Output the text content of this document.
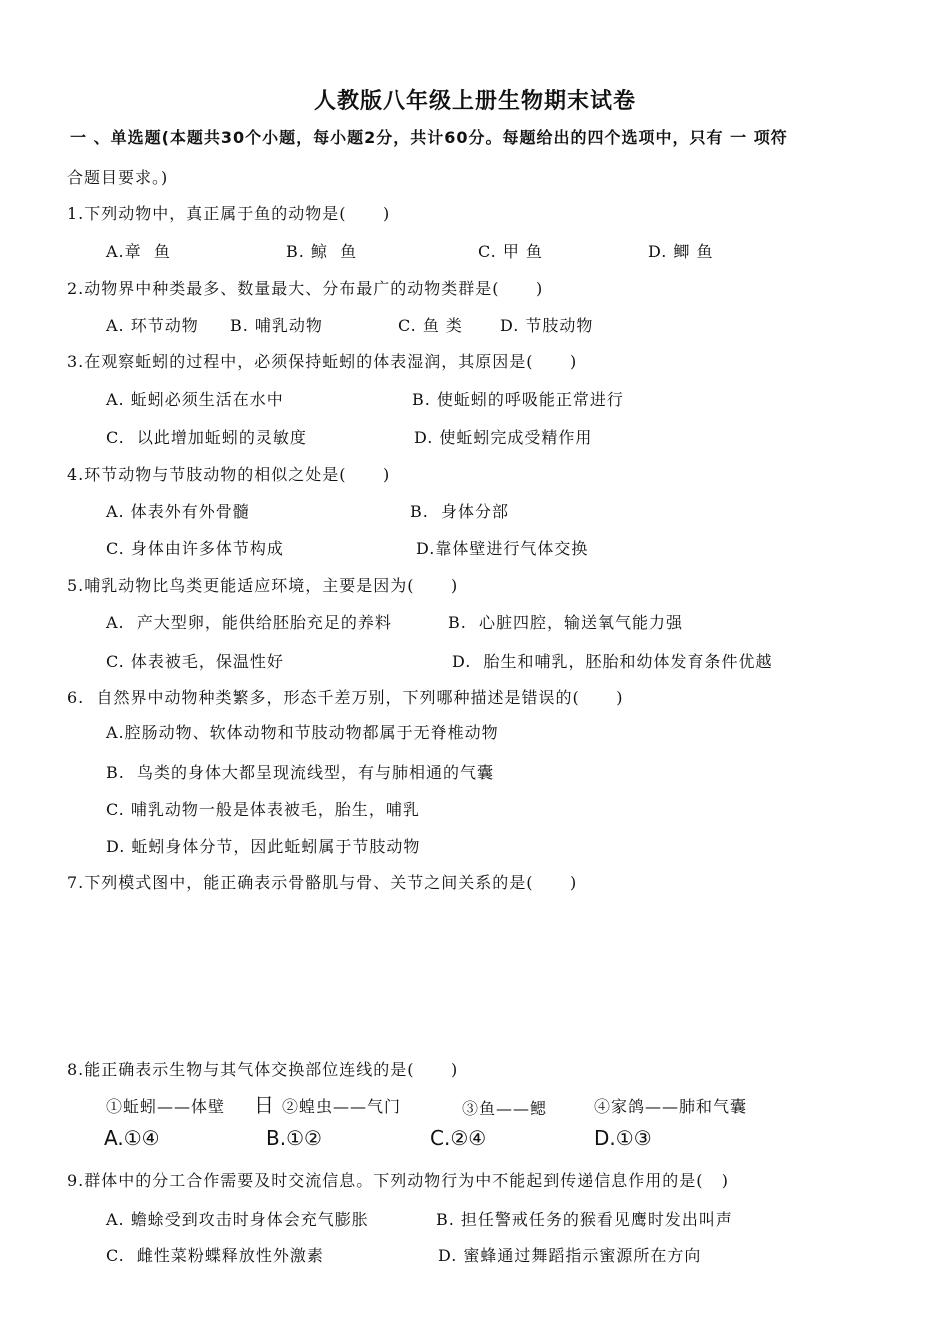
人教版八年级上册生物期末试卷
一 、单选题(本题共30个小题，每小题2分，共计60分。每题给出的四个选项中，只有 一 项符
合题目要求。)
1.下列动物中，真正属于鱼的动物是(      )
A.章  鱼	B. 鲸  鱼	C. 甲 鱼	D. 鲫 鱼
2.动物界中种类最多、数量最大、分布最广的动物类群是(      )
A. 环节动物 B. 哺乳动物	C. 鱼 类 D. 节肢动物
3.在观察蚯蚓的过程中，必须保持蚯蚓的体表湿润，其原因是(      )
A. 蚯蚓必须生活在水中	B. 使蚯蚓的呼吸能正常进行
C.  以此增加蚯蚓的灵敏度	D. 使蚯蚓完成受精作用
4.环节动物与节肢动物的相似之处是(      )
A. 体表外有外骨髓	B.  身体分部
C. 身体由许多体节构成	D.靠体壁进行气体交换
5.哺乳动物比鸟类更能适应环境，主要是因为(      )
A.  产大型卵，能供给胚胎充足的养料	B.  心脏四腔，输送氧气能力强
C. 体表被毛，保温性好	D.  胎生和哺乳，胚胎和幼体发育条件优越
6.  自然界中动物种类繁多，形态千差万别，下列哪种描述是错误的(      )
A.腔肠动物、软体动物和节肢动物都属于无脊椎动物
B.  鸟类的身体大都呈现流线型，有与肺相通的气囊
C. 哺乳动物一般是体表被毛，胎生，哺乳
D. 蚯蚓身体分节，因此蚯蚓属于节肢动物
7.下列模式图中，能正确表示骨骼肌与骨、关节之间关系的是(      )
8.能正确表示生物与其气体交换部位连线的是(      )
①蚯蚓——体壁 日 ②蝗虫——气门	③鱼——鳃	④家鸽——肺和气囊
A.①④	B.①②	C.②④	D.①③
9.群体中的分工合作需要及时交流信息。下列动物行为中不能起到传递信息作用的是(   )
A. 蟾蜍受到攻击时身体会充气膨胀	B. 担任警戒任务的猴看见鹰时发出叫声
C.  雌性菜粉蝶释放性外激素	D. 蜜蜂通过舞蹈指示蜜源所在方向
